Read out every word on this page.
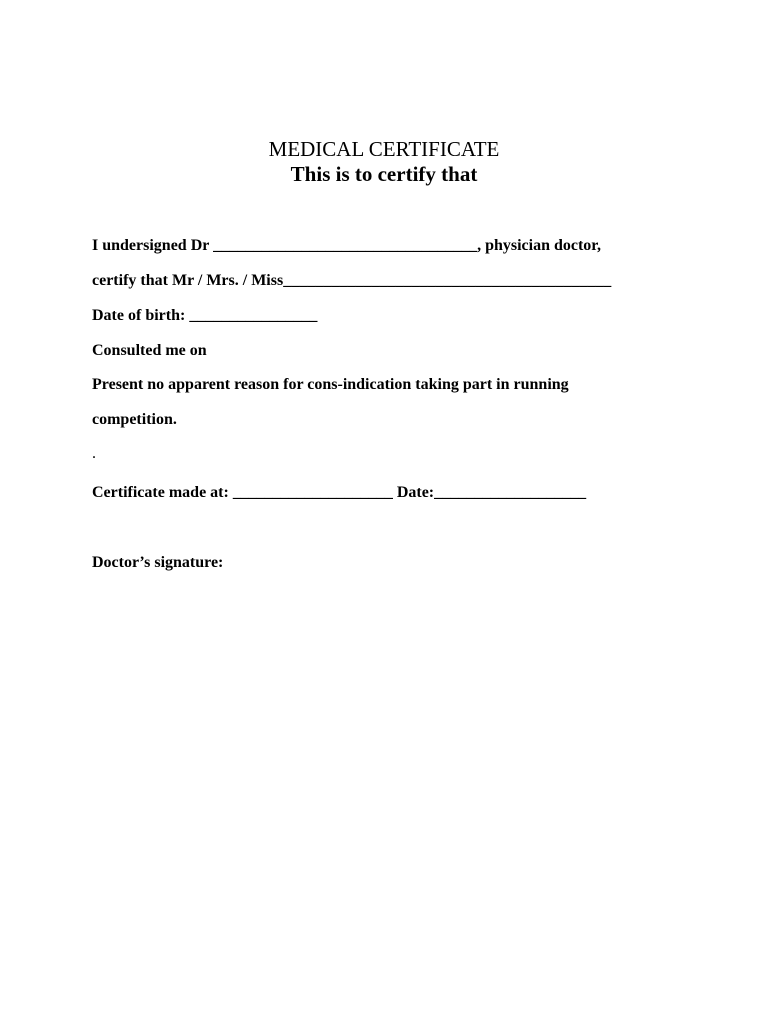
MEDICAL CERTIFICATE
This is to certify that
I undersigned Dr _________________________________, physician doctor,
certify that Mr / Mrs. / Miss_________________________________________
Date of birth: ________________
Consulted me on
Present no apparent reason for cons-indication taking part in running
competition.
.
Certificate made at: ____________________ Date:___________________
Doctor’s signature:
